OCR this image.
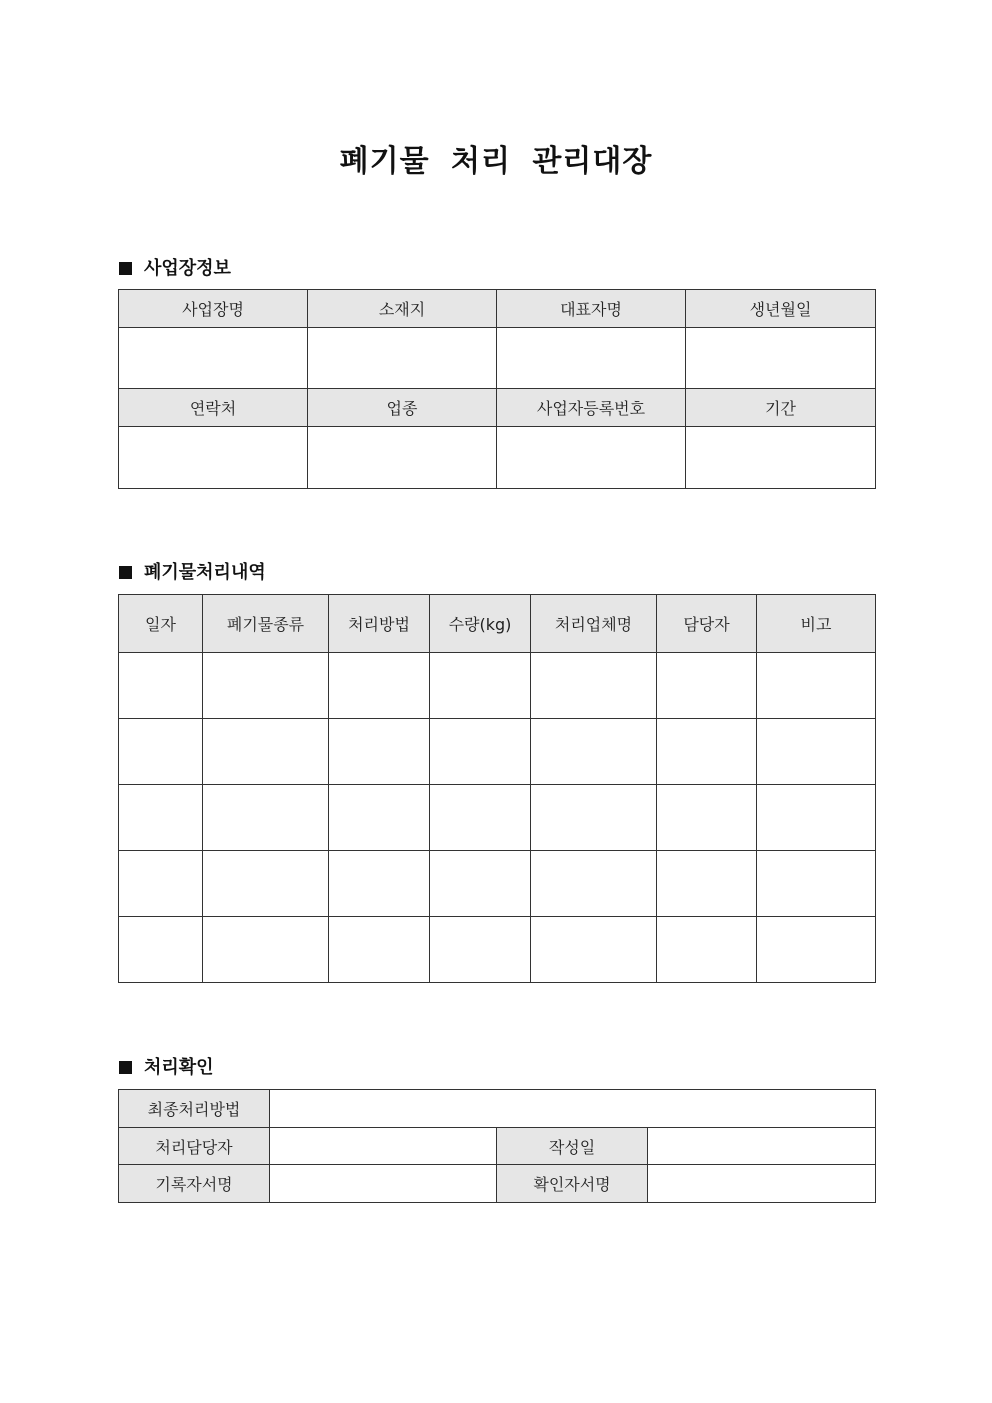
폐기물 처리 관리대장
사업장정보
사업장명	소재지	대표자명	생년월일

연락처	업종	사업자등록번호	기간

폐기물처리내역
일자	폐기물종류	처리방법	수량(kg)	처리업체명	담당자	비고

처리확인
최종처리방법			
처리담당자		작성일	
기록자서명		확인자서명	
